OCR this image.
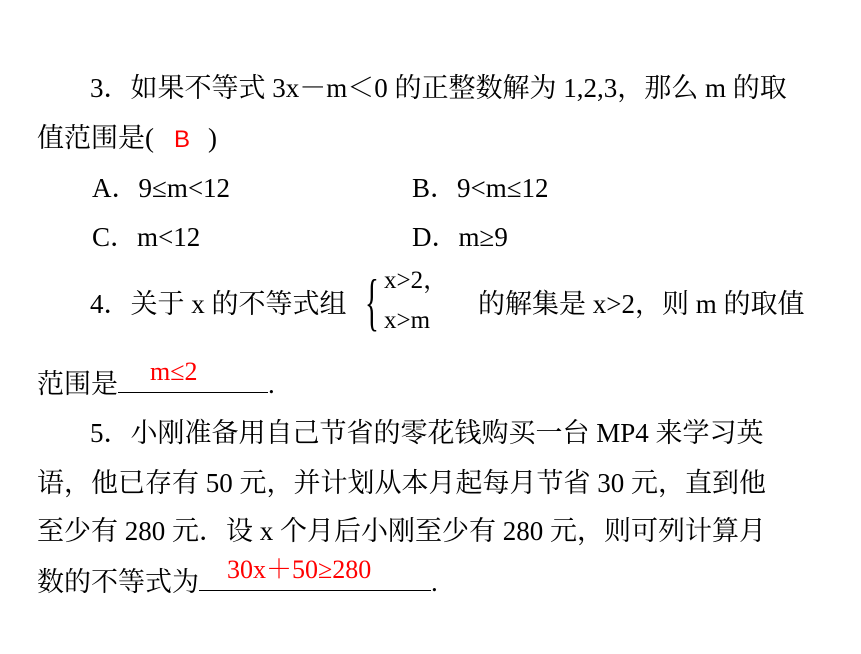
3．如果不等式 3x－m＜0 的正整数解为 1,2,3，那么 m 的取
值范围是( B )
A．9≤m<12	B．9<m≤12
C．m<12	D．m≥9
4．关于 x 的不等式组 { x>2，
x>m
的解集是 x>2，则 m 的取值
范围是 m≤2	.
5．小刚准备用自己节省的零花钱购买一台 MP4 来学习英
语，他已存有 50 元，并计划从本月起每月节省 30 元，直到他
至少有 280 元．设 x 个月后小刚至少有 280 元，则可列计算月
数的不等式为 30x＋50≥280 .
